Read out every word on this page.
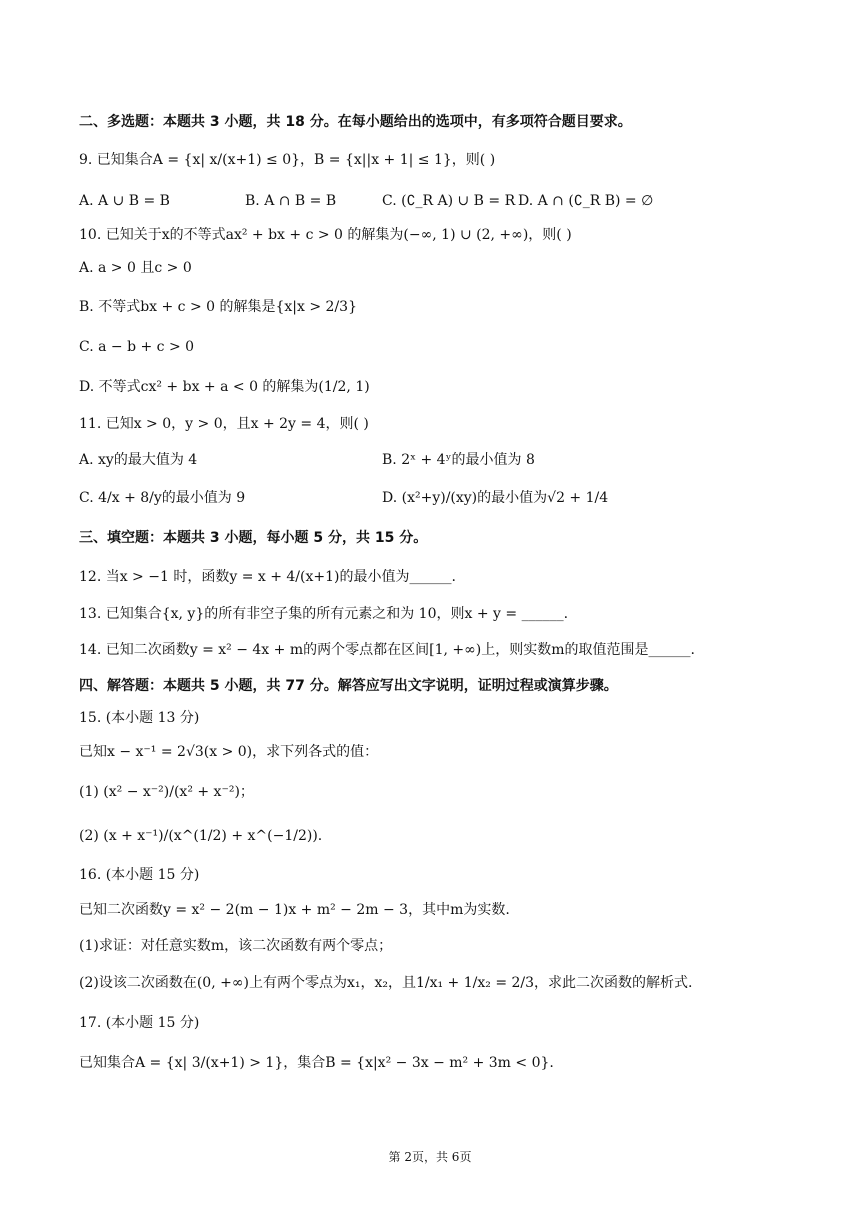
二、多选题：本题共 3 小题，共 18 分。在每小题给出的选项中，有多项符合题目要求。
9. 已知集合A = {x| x/(x+1) ≤ 0}，B = {x||x + 1| ≤ 1}，则( )
A. A ∪ B = B	B. A ∩ B = B	C. (∁_R A) ∪ B = R D. A ∩ (∁_R B) = ∅
10. 已知关于x的不等式ax² + bx + c > 0 的解集为(−∞, 1) ∪ (2, +∞)，则( )
A. a > 0 且c > 0
B. 不等式bx + c > 0 的解集是{x|x > 2/3}
C. a − b + c > 0
D. 不等式cx² + bx + a < 0 的解集为(1/2, 1)
11. 已知x > 0，y > 0，且x + 2y = 4，则( )
A. xy的最大值为 4	B. 2ˣ + 4ʸ的最小值为 8
C. 4/x + 8/y的最小值为 9	D. (x²+y)/(xy)的最小值为√2 + 1/4
三、填空题：本题共 3 小题，每小题 5 分，共 15 分。
12. 当x > −1 时，函数y = x + 4/(x+1)的最小值为______.
13. 已知集合{x, y}的所有非空子集的所有元素之和为 10，则x + y = ______.
14. 已知二次函数y = x² − 4x + m的两个零点都在区间[1, +∞)上，则实数m的取值范围是______.
四、解答题：本题共 5 小题，共 77 分。解答应写出文字说明，证明过程或演算步骤。
15. (本小题 13 分)
已知x − x⁻¹ = 2√3(x > 0)，求下列各式的值：
(1) (x² − x⁻²)/(x² + x⁻²)；
(2) (x + x⁻¹)/(x^(1/2) + x^(−1/2)).
16. (本小题 15 分)
已知二次函数y = x² − 2(m − 1)x + m² − 2m − 3，其中m为实数.
(1)求证：对任意实数m，该二次函数有两个零点；
(2)设该二次函数在(0, +∞)上有两个零点为x₁，x₂，且1/x₁ + 1/x₂ = 2/3，求此二次函数的解析式.
17. (本小题 15 分)
已知集合A = {x| 3/(x+1) > 1}，集合B = {x|x² − 3x − m² + 3m < 0}.
第 2页，共 6页
